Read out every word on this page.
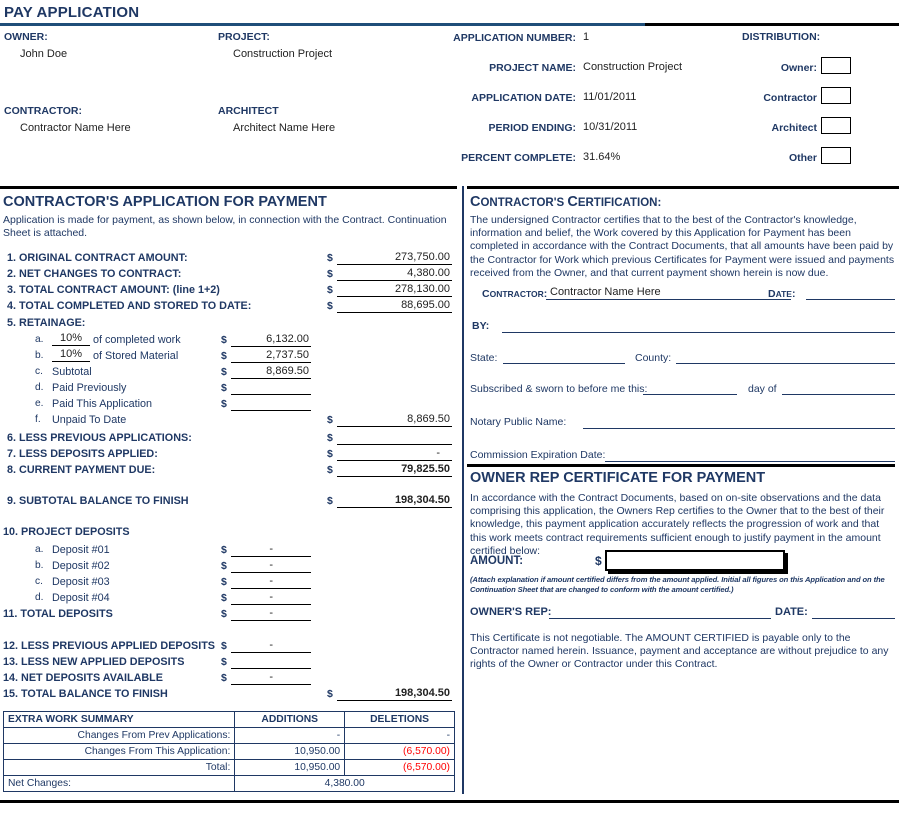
PAY APPLICATION
OWNER:
John Doe
PROJECT:
Construction Project
CONTRACTOR:
Contractor Name Here
ARCHITECT
Architect Name Here
APPLICATION NUMBER: 1
PROJECT NAME: Construction Project
APPLICATION DATE: 11/01/2011
PERIOD ENDING: 10/31/2011
PERCENT COMPLETE: 31.64%
DISTRIBUTION:
Owner:
Contractor
Architect
Other
CONTRACTOR'S APPLICATION FOR PAYMENT
Application is made for payment, as shown below, in connection with the Contract. Continuation Sheet is attached.
1. ORIGINAL CONTRACT AMOUNT:	$	273,750.00
2. NET CHANGES TO CONTRACT:	$	4,380.00
3. TOTAL CONTRACT AMOUNT: (line 1+2)	$	278,130.00
4. TOTAL COMPLETED AND STORED TO DATE:	$	88,695.00
5. RETAINAGE:
a.	10%	of completed work	$	6,132.00
b.	10%	of Stored Material	$	2,737.50
c. Subtotal	$	8,869.50
d. Paid Previously	$
e. Paid This Application	$
f. Unpaid To Date	$	8,869.50
6. LESS PREVIOUS APPLICATIONS:	$
7. LESS DEPOSITS APPLIED:	$	-
8. CURRENT PAYMENT DUE:	$	79,825.50
9. SUBTOTAL BALANCE TO FINISH	$	198,304.50
10. PROJECT DEPOSITS
a. Deposit #01	$	-
b. Deposit #02	$	-
c. Deposit #03	$	-
d. Deposit #04	$	-
11. TOTAL DEPOSITS	$	-
12. LESS PREVIOUS APPLIED DEPOSITS $	-
13. LESS NEW APPLIED DEPOSITS	$
14. NET DEPOSITS AVAILABLE	$	-
15. TOTAL BALANCE TO FINISH	$	198,304.50
EXTRA WORK SUMMARY	ADDITIONS	DELETIONS
Changes From Prev Applications:	-	-
Changes From This Application:	10,950.00	(6,570.00)
Total:	10,950.00	(6,570.00)
Net Changes:	4,380.00	
CONTRACTOR'S CERTIFICATION:
The undersigned Contractor certifies that to the best of the Contractor's knowledge, information and belief, the Work covered by this Application for Payment has been completed in accordance with the Contract Documents, that all amounts have been paid by the Contractor for Work which previous Certificates for Payment were issued and payments received from the Owner, and that current payment shown herein is now due.
CONTRACTOR: Contractor Name Here	DATE:
BY:
State:	County:
Subscribed & sworn to before me this:	day of
Notary Public Name:
Commission Expiration Date:
OWNER REP CERTIFICATE FOR PAYMENT
In accordance with the Contract Documents, based on on-site observations and the data comprising this application, the Owners Rep certifies to the Owner that to the best of their knowledge, this payment application accurately reflects the progression of work and that this work meets contract requirements sufficient enough to justify payment in the amount certified below:
AMOUNT:	$
(Attach explanation if amount certified differs from the amount applied. Initial all figures on this Application and on the Continuation Sheet that are changed to conform with the amount certified.)
OWNER'S REP:	DATE:
This Certificate is not negotiable. The AMOUNT CERTIFIED is payable only to the Contractor named herein. Issuance, payment and acceptance are without prejudice to any rights of the Owner or Contractor under this Contract.
